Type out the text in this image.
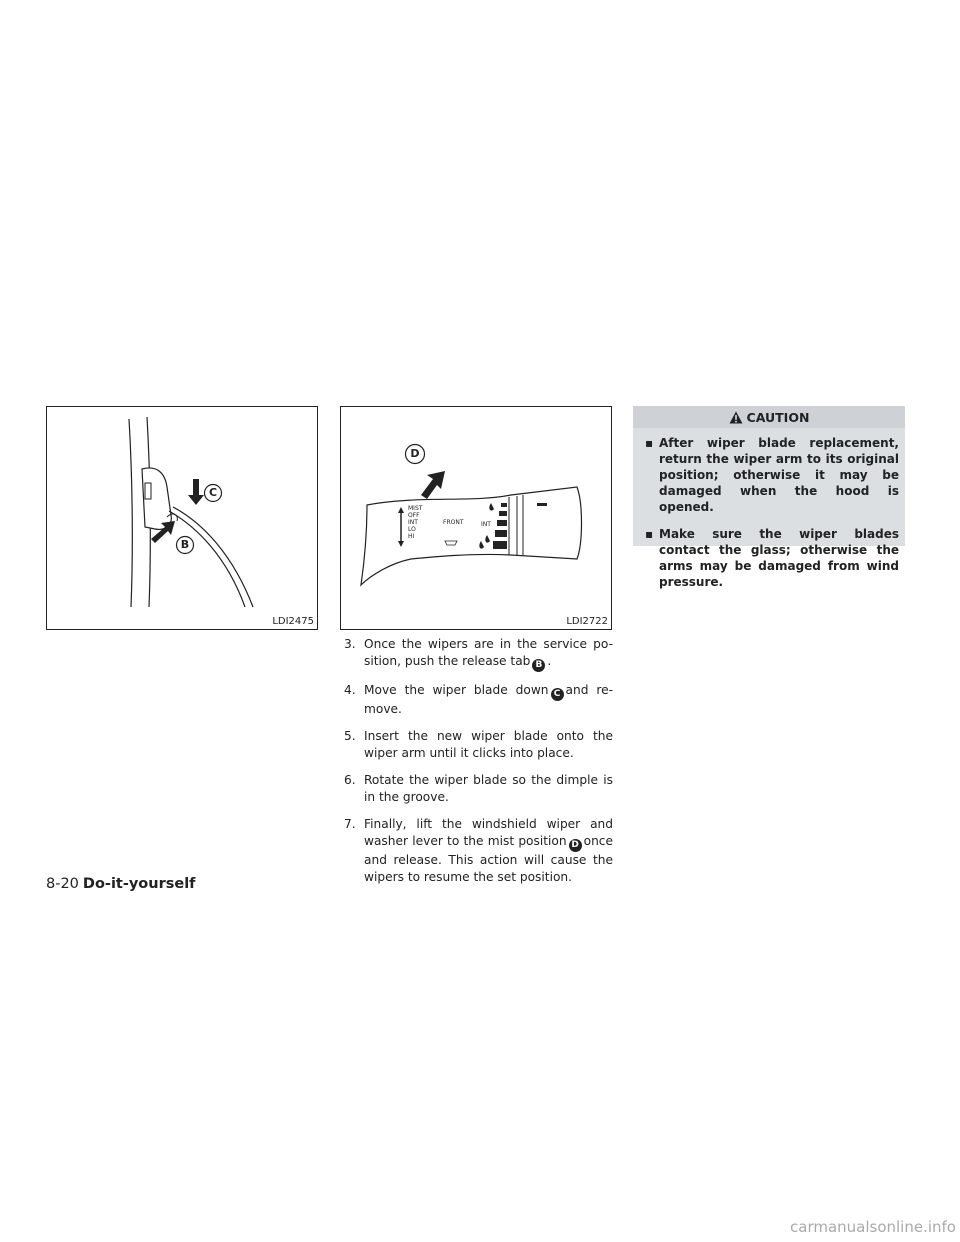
C
B
LDI2475
D
MIST
OFF
INT
LO
HI
FRONT	INT
LDI2722
3. Once the wipers are in the service po-sition, push the release tab B .
4. Move the wiper blade down C and re-move.
5. Insert the new wiper blade onto the wiper arm until it clicks into place.
6. Rotate the wiper blade so the dimple is in the groove.
7. Finally, lift the windshield wiper and washer lever to the mist position D once and release. This action will cause the wipers to resume the set position.
CAUTION
▪ After wiper blade replacement, return the wiper arm to its original position; otherwise it may be damaged when the hood is opened.
▪ Make sure the wiper blades contact the glass; otherwise the arms may be damaged from wind pressure.
8-20 Do-it-yourself
carmanualsonline.info
